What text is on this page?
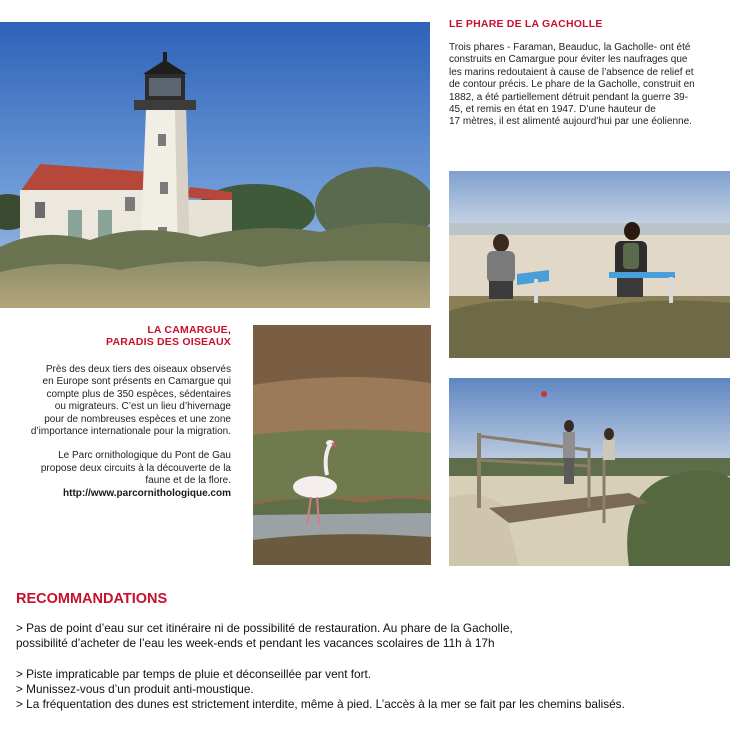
LE PHARE DE LA GACHOLLE
Trois phares - Faraman, Beauduc, la Gacholle- ont été
construits en Camargue pour éviter les naufrages que
les marins redoutaient à cause de l’absence de relief et
de contour précis. Le phare de la Gacholle, construit en
1882, a été partiellement détruit pendant la guerre 39-
45, et remis en état en 1947. D’une hauteur de
17 mètres, il est alimenté aujourd’hui par une éolienne.
LA CAMARGUE,
PARADIS DES OISEAUX
Près des deux tiers des oiseaux observés
en Europe sont présents en Camargue qui
compte plus de 350 espèces, sédentaires
ou migrateurs. C’est un lieu d’hivernage
pour de nombreuses espèces et une zone
d’importance internationale pour la migration.
Le Parc ornithologique du Pont de Gau
propose deux circuits à la découverte de la
faune et de la flore.
http://www.parcornithologique.com
RECOMMANDATIONS
> Pas de point d’eau sur cet itinéraire ni de possibilité de restauration. Au phare de la Gacholle,
possibilité d’acheter de l’eau les week-ends et pendant les vacances scolaires de 11h à 17h
> Piste impraticable par temps de pluie et déconseillée par vent fort.
> Munissez-vous d’un produit anti-moustique.
> La fréquentation des dunes est strictement interdite, même à pied. L’accès à la mer se fait par les chemins balisés.
